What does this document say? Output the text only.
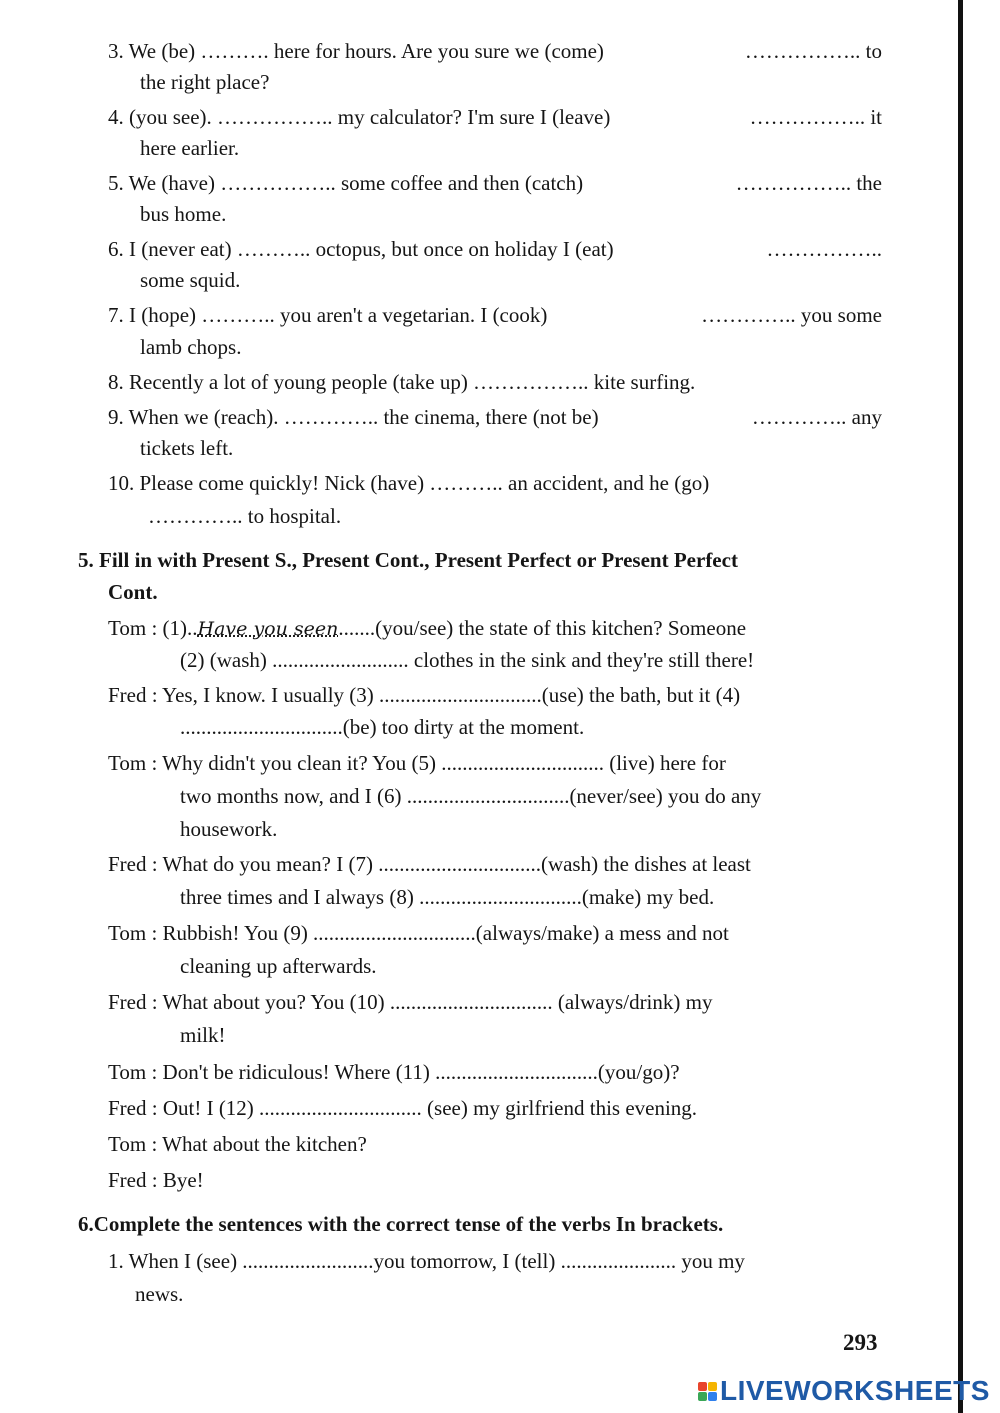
3. We (be) ………. here for hours. Are you sure we (come)	…………….. to
the right place?
4. (you see). …………….. my calculator? I'm sure I (leave)	…………….. it
here earlier.
5. We (have) …………….. some coffee and then (catch)	…………….. the
bus home.
6. I (never eat) ……….. octopus, but once on holiday I (eat)	……………..
some squid.
7. I (hope) ……….. you aren't a vegetarian. I (cook)	………….. you some
lamb chops.
8. Recently a lot of young people (take up) …………….. kite surfing.
9. When we (reach). ………….. the cinema, there (not be)	………….. any
tickets left.
10. Please come quickly! Nick (have) ……….. an accident, and he (go)
………….. to hospital.
5. Fill in with Present S., Present Cont., Present Perfect or Present Perfect
Cont.
Tom : (1)..Have you seen.......(you/see) the state of this kitchen? Someone
(2) (wash) .......................... clothes in the sink and they're still there!
Fred : Yes, I know. I usually (3) ...............................(use) the bath, but it (4)
...............................(be) too dirty at the moment.
Tom : Why didn't you clean it? You (5) ............................... (live) here for
two months now, and I (6) ...............................(never/see) you do any
housework.
Fred : What do you mean? I (7) ...............................(wash) the dishes at least
three times and I always (8) ...............................(make) my bed.
Tom : Rubbish! You (9) ...............................(always/make) a mess and not
cleaning up afterwards.
Fred : What about you? You (10) ............................... (always/drink) my
milk!
Tom : Don't be ridiculous! Where (11) ...............................(you/go)?
Fred : Out! I (12) ............................... (see) my girlfriend this evening.
Tom : What about the kitchen?
Fred : Bye!
6.Complete the sentences with the correct tense of the verbs In brackets.
1. When I (see) .........................you tomorrow, I (tell) ...................... you my
news.
293
LIVEWORKSHEETS
